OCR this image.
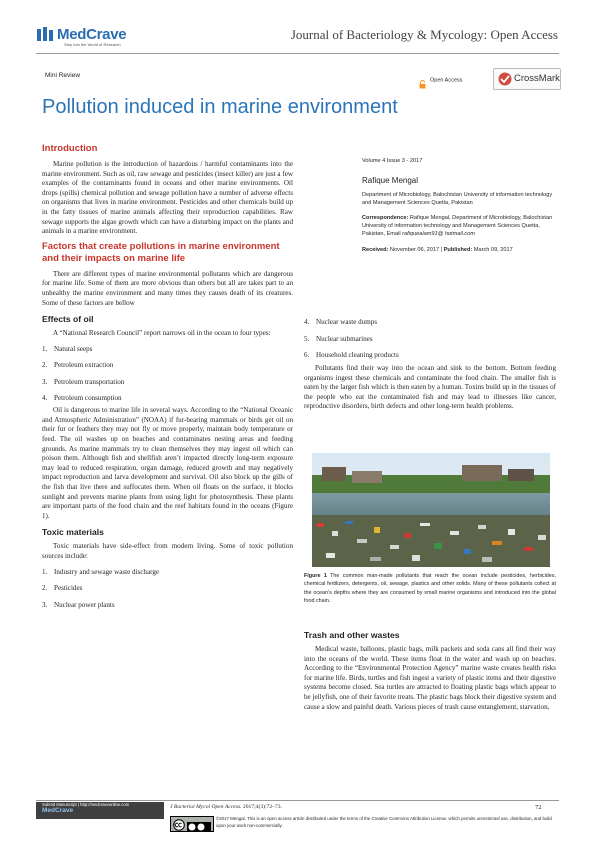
MedCrave
Step into the World of Research
Journal of Bacteriology & Mycology: Open Access
Mini Review
Open Access	CrossMark
Pollution induced in marine environment
Introduction

Marine pollution is the introduction of hazardous / harmful contaminants into the marine environment. Such as oil, raw sewage and pesticides (insect killer) are just a few examples of the contaminants found in oceans and other marine environments. Oil drops (spills) chemical pollution and sewage pollution have a number of adverse effects on organisms that lives in marine environment. Pesticides and other chemicals build up in the fatty tissues of marine animals affecting their reproduction capabilities. Raw sewage supports the algae growth which can have a disturbing impact on the plants and animals in a marine environment.

Factors that create pollutions in marine environment and their impacts on marine life

There are different types of marine environmental pollutants which are dangerous for marine life. Some of them are more obvious than others but all are takes part to an unhealthy the marine environment and many times they causes death of its creatures. Some of these factors are bellow

Effects of oil

A “National Research Council” report narrows oil in the ocean to four types:

1. Natural seeps
2. Petroleum extraction
3. Petroleum transportation
4. Petroleum consumption

Oil is dangerous to marine life in several ways. According to the “National Oceanic and Atmospheric Administration” (NOAA) if fur-bearing mammals or birds get oil on their fur or feathers they may not fly or move properly, maintain body temperature or feed. The oil washes up on beaches and contaminates nesting areas and feeding grounds. As marine mammals try to clean themselves they may ingest oil which can poison them. Although fish and shellfish aren’t impacted directly long-term exposure may lead to reduced respiration, organ damage, reduced growth and may negatively impact reproduction and larva development and survival. Oil also block up the gills of the fish that live there and suffocates them. When oil floats on the surface, it blocks sunlight and prevents marine plants from using light for photosynthesis. These plants are important parts of the food chain and the reef habitats found in the oceans (Figure 1).

Toxic materials

Toxic materials have side-effect from modern living. Some of toxic pollution sources include:

1. Industry and sewage waste discharge
2. Pesticides
3. Nuclear power plants
Volume 4 Issue 3 - 2017
Rafique Mengal
Department of Microbiology, Balochistan University of information technology and Management Sciences Quetta, Pakistan
Correspondence: Rafique Mengal, Department of Microbiology, Balochistan University of information technology and Management Sciences Quetta, Pakistan, Email rafiquealam91@ hotmail.com
Received: November 06, 2017 | Published: March 09, 2017
4. Nuclear waste dumps
5. Nuclear submarines
6. Household cleaning products

Pollutants find their way into the ocean and sink to the bottom. Bottom feeding organisms ingest these chemicals and contaminate the food chain. The smaller fish is eaten by the larger fish which is then eaten by a human. Toxins build up in the tissues of the people who eat the contaminated fish and may lead to illnesses like cancer, reproductive disorders, birth defects and other long-term health problems.

Figure 1 The common man-made pollutants that reach the ocean include pesticides, herbicides, chemical fertilizers, detergents, oil, sewage, plastics and other solids. Many of these pollutants collect at the ocean’s depths where they are consumed by small marine organisms and introduced into the global food chain.
Trash and other wastes

Medical waste, balloons, plastic bags, milk packets and soda cans all find their way into the oceans of the world. These items float in the water and wash up on beaches. According to the “Environmental Protection Agency” marine waste creates health risks for marine life. Birds, turtles and fish ingest a variety of plastic items and their digestive systems become closed. Sea turtles are attracted to floating plastic bags which appear to be jellyfish, one of their favorite treats. The plastic bags block their digestive system and cause a slow and painful death. Various pieces of trash cause entanglement, starvation,

Submit Manuscript | http://medcraveonline.com
MedCrave	J Bacteriol Mycol Open Access. 2017;4(3):72‒73.	72
©2017 Mengal. This is an open access article distributed under the terms of the Creative Commons Attribution License, which permits unrestricted use, distribution, and build upon your work non-commercially.
